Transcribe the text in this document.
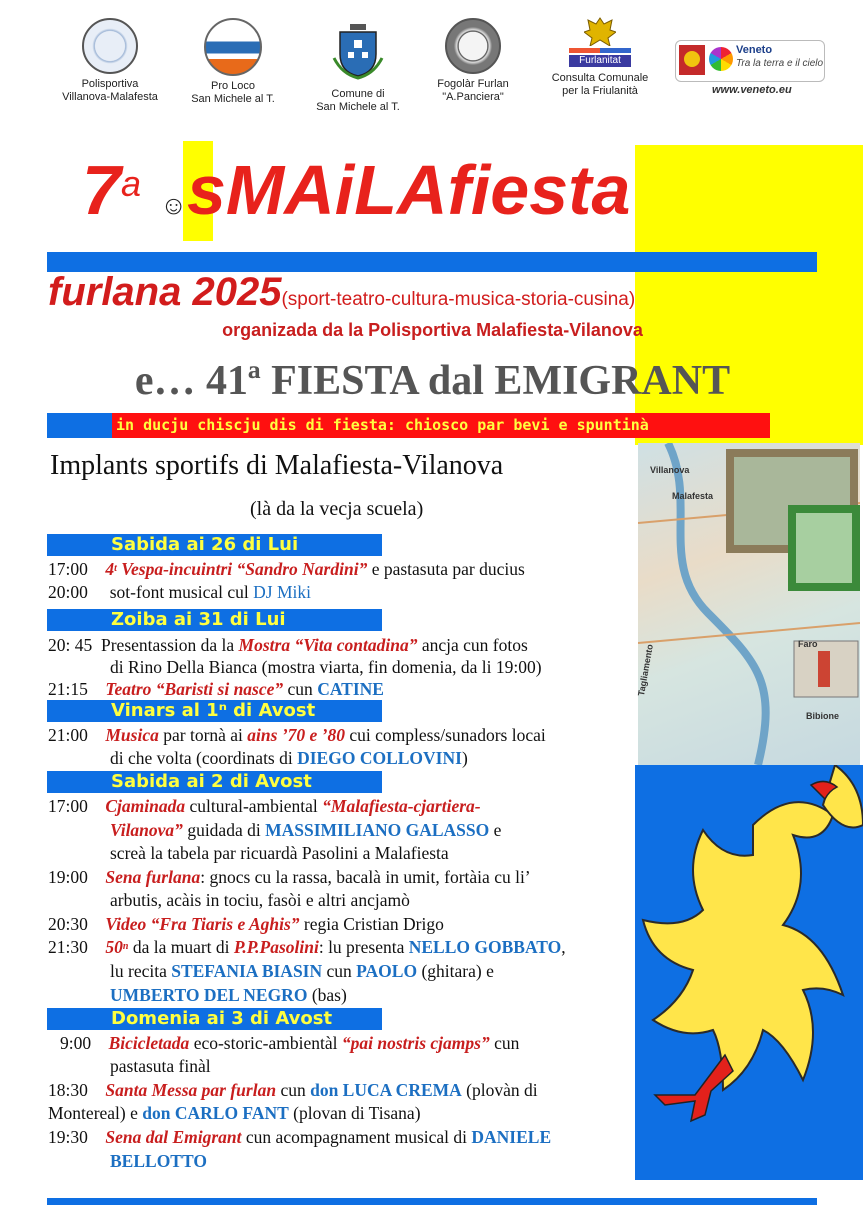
Polisportiva
Villanova-Malafesta
Pro Loco
San Michele al T.	Comune di
San Michele al T.
Fogolàr Furlan
"A.Panciera"
Furlanitat
Consulta Comunale
per la Friulanità
Veneto
Tra la terra e il cielo
www.veneto.eu
Villanova
Malafesta
Tagliamento	Faro
Bibione
7$^a$ ☺sMAiLAfiesta
furlana 2025(sport-teatro-cultura-musica-storia-cusina)
organizada da la Polisportiva Malafiesta-Vilanova
e… 41ª FIESTA dal EMIGRANT
in ducju chiscju dis di fiesta: chiosco par bevi e spuntinà
Implants sportifs di Malafiesta-Vilanova
(là da la vecja scuela)
Sabida ai 26 di Lui
17:00 4$^t$ Vespa-incuintri “Sandro Nardini” e pastasuta par ducius
20:00 sot-font musical cul DJ Miki
Zoiba ai 31 di Lui
20: 45 Presentassion da la Mostra “Vita contadina” ancja cun fotos
di Rino Della Bianca (mostra viarta, fin domenia, da li 19:00)
21:15 Teatro “Baristi si nasce” cun CATINE
Vinars al 1ⁿ di Avost
21:00 Musica par tornà ai ains ’70 e ’80 cui compless/sunadors locai
di che volta (coordinats di DIEGO COLLOVINI)
Sabida ai 2 di Avost
17:00 Cjaminada cultural-ambiental “Malafiesta-cjartiera-
Vilanova” guidada di MASSIMILIANO GALASSO e
screà la tabela par ricuardà Pasolini a Malafiesta
19:00 Sena furlana: gnocs cu la rassa, bacalà in umit, fortàia cu li’
arbutis, acàis in tociu, fasòi e altri ancjamò
20:30 Video “Fra Tiaris e Aghis” regia Cristian Drigo
21:30 50$^n$ da la muart di P.P.Pasolini: lu presenta NELLO GOBBATO,
lu recita STEFANIA BIASIN cun PAOLO (ghitara) e
UMBERTO DEL NEGRO (bas)
Domenia ai 3 di Avost
9:00 Bicicletada eco-storic-ambientàl “pai nostris cjamps” cun
pastasuta finàl
18:30 Santa Messa par furlan cun don LUCA CREMA (plovàn di
Montereal) e don CARLO FANT (plovan di Tisana)
19:30 Sena dal Emigrant cun acompagnament musical di DANIELE
BELLOTTO
